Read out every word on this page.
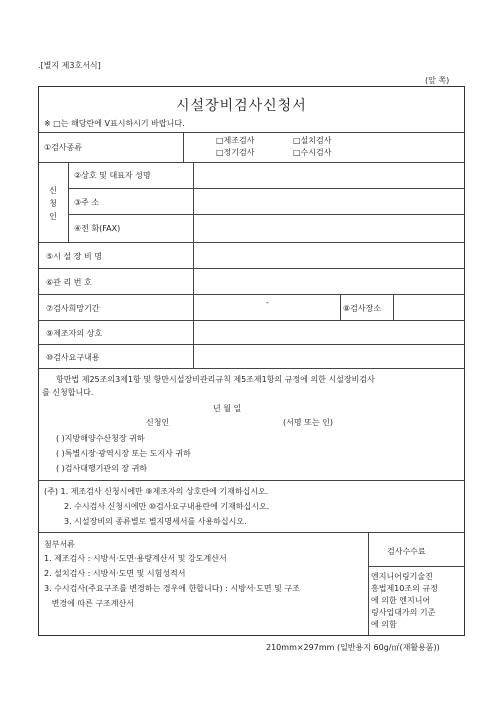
.[별지 제3호서식]
(앞 쪽)
시설장비검사신청서
※ □는 해당란에 V표시하시기 바랍니다.
①검사종류
□제조검사	□설치검사
□정기검사	□수시검사
신청인
②상호 및 대표자 성명
③주 소
④전 화(FAX)
⑤시 설 장 비 명
⑥관 리 번 호
⑦검사희망기간
-
⑧검사장소
⑨제조자의 상호
⑩검사요구내용
항만법 제25조의3제1항 및 항만시설장비관리규칙 제5조제1항의 규정에 의한 시설장비검사
를 신청합니다.
년 월 일
신청인	(서명 또는 인)
( )지방해양수산청장 귀하
( )특별시장·광역시장 또는 도지사 귀하
( )검사대행기관의 장 귀하
(주) 1. 제조검사 신청시에만 ⑨제조자의 상호란에 기재하십시오.
2. 수시검사 신청시에만 ⑩검사요구내용란에 기재하십시오.
3. 시설장비의 종류별로 별지명세서를 사용하십시오.
첨부서류
1. 제조검사 : 시방서·도면·용량계산서 및 강도계산서
2. 설치검사 : 시방서·도면 및 시험성적서
3. 수시검사(주요구조를 변경하는 경우에 한합니다) : 시방서·도면 및 구조
변경에 따른 구조계산서
검사수수료
엔지니어링기술진
흥법제10조의 규정
에 의한 엔지니어
링사업대가의 기준
에 의함
210mm×297mm (일반용지 60g/㎡(재활용품))
